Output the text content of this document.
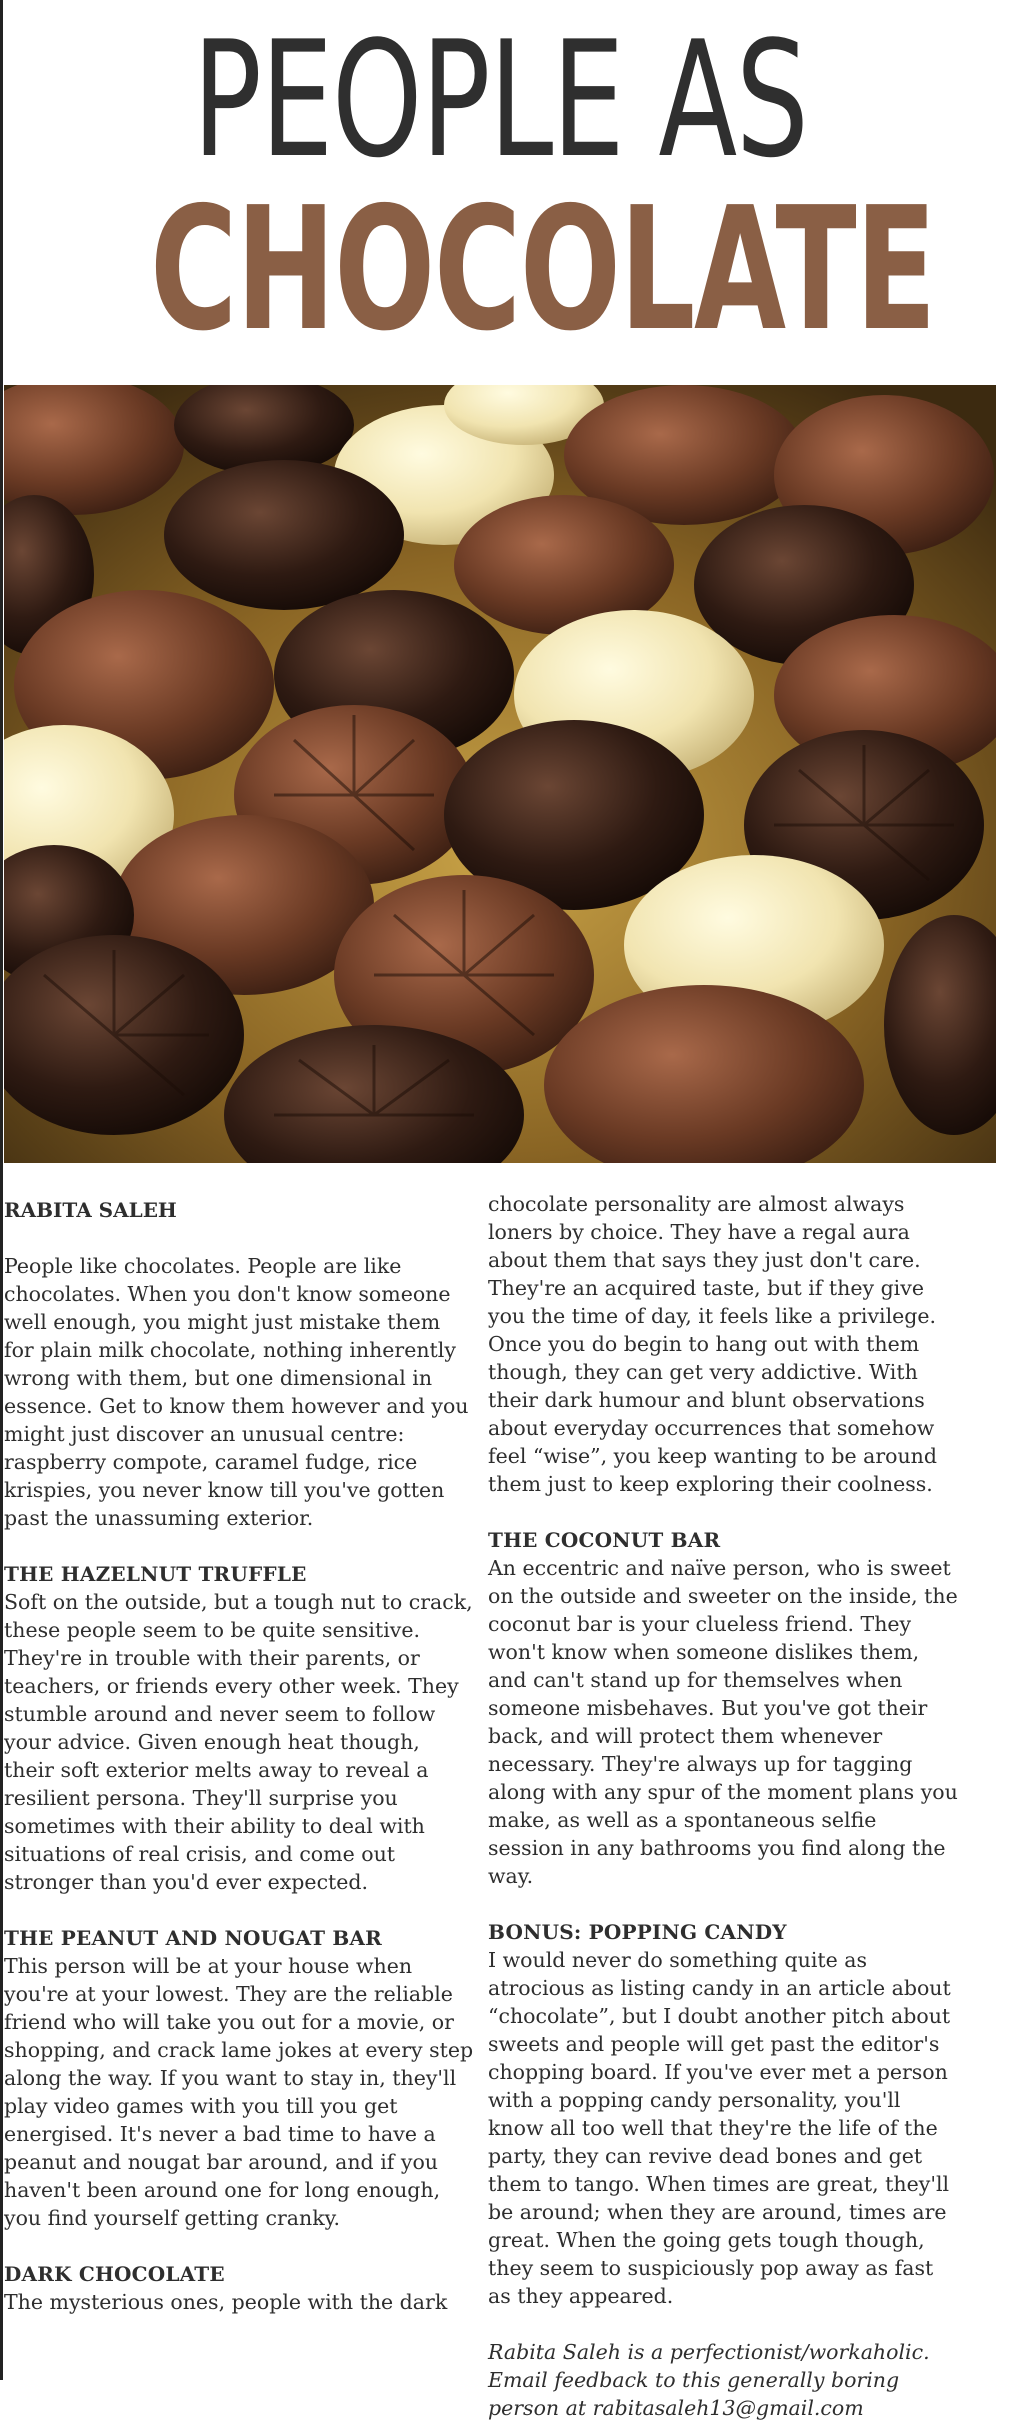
PEOPLE AS
CHOCOLATE
RABITA SALEH

People like chocolates. People are like chocolates. When you don't know someone well enough, you might just mistake them for plain milk chocolate, nothing inherently wrong with them, but one dimensional in essence. Get to know them however and you might just discover an unusual centre: raspberry compote, caramel fudge, rice krispies, you never know till you've gotten past the unassuming exterior.

THE HAZELNUT TRUFFLE
Soft on the outside, but a tough nut to crack, these people seem to be quite sensitive. They're in trouble with their parents, or teachers, or friends every other week. They stumble around and never seem to follow your advice. Given enough heat though, their soft exterior melts away to reveal a resilient persona. They'll surprise you sometimes with their ability to deal with situations of real crisis, and come out stronger than you'd ever expected.
THE PEANUT AND NOUGAT BAR
This person will be at your house when you're at your lowest. They are the reliable friend who will take you out for a movie, or shopping, and crack lame jokes at every step along the way. If you want to stay in, they'll play video games with you till you get energised. It's never a bad time to have a peanut and nougat bar around, and if you haven't been around one for long enough, you find yourself getting cranky.
DARK CHOCOLATE
The mysterious ones, people with the dark
chocolate personality are almost always loners by choice. They have a regal aura about them that says they just don't care. They're an acquired taste, but if they give you the time of day, it feels like a privilege. Once you do begin to hang out with them though, they can get very addictive. With their dark humour and blunt observations about everyday occurrences that somehow feel “wise”, you keep wanting to be around them just to keep exploring their coolness.
THE COCONUT BAR
An eccentric and naïve person, who is sweet on the outside and sweeter on the inside, the coconut bar is your clueless friend. They won't know when someone dislikes them, and can't stand up for themselves when someone misbehaves. But you've got their back, and will protect them whenever necessary. They're always up for tagging along with any spur of the moment plans you make, as well as a spontaneous selfie session in any bathrooms you find along the way.
BONUS: POPPING CANDY
I would never do something quite as atrocious as listing candy in an article about “chocolate”, but I doubt another pitch about sweets and people will get past the editor's chopping board. If you've ever met a person with a popping candy personality, you'll know all too well that they're the life of the party, they can revive dead bones and get them to tango. When times are great, they'll be around; when they are around, times are great. When the going gets tough though, they seem to suspiciously pop away as fast as they appeared.
Rabita Saleh is a perfectionist/workaholic. Email feedback to this generally boring person at rabitasaleh13@gmail.com
